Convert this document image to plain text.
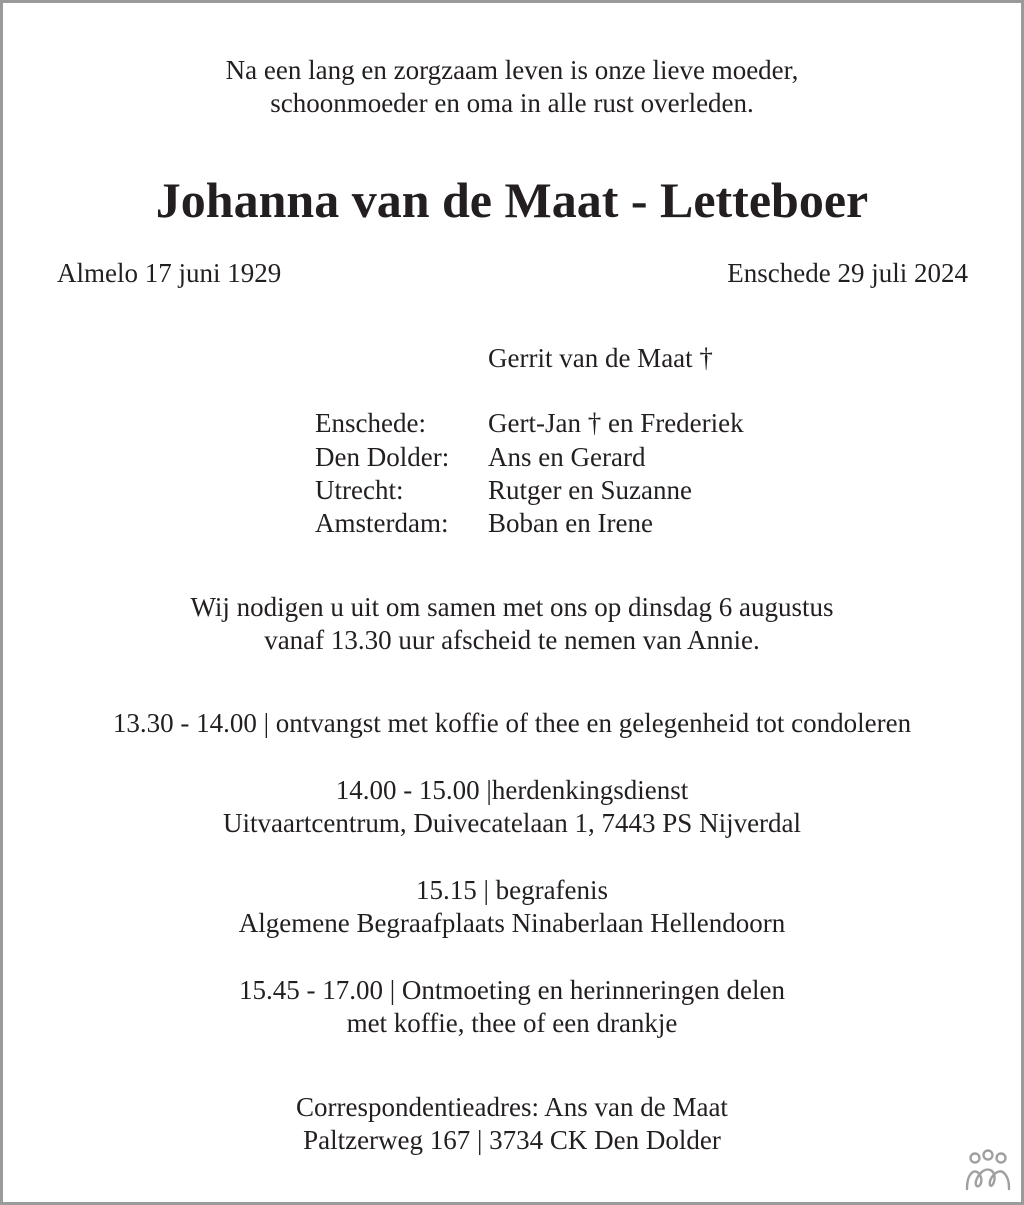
Na een lang en zorgzaam leven is onze lieve moeder,
schoonmoeder en oma in alle rust overleden.
Johanna van de Maat - Letteboer
Almelo 17 juni 1929	Enschede 29 juli 2024
Gerrit van de Maat †
Enschede: Gert-Jan † en Frederiek
Den Dolder: Ans en Gerard
Utrecht:	Rutger en Suzanne
Amsterdam: Boban en Irene
Wij nodigen u uit om samen met ons op dinsdag 6 augustus
vanaf 13.30 uur afscheid te nemen van Annie.
13.30 - 14.00 | ontvangst met koffie of thee en gelegenheid tot condoleren
14.00 - 15.00 |herdenkingsdienst
Uitvaartcentrum, Duivecatelaan 1, 7443 PS Nijverdal
15.15 | begrafenis
Algemene Begraafplaats Ninaberlaan Hellendoorn
15.45 - 17.00 | Ontmoeting en herinneringen delen
met koffie, thee of een drankje
Correspondentieadres: Ans van de Maat
Paltzerweg 167 | 3734 CK Den Dolder
